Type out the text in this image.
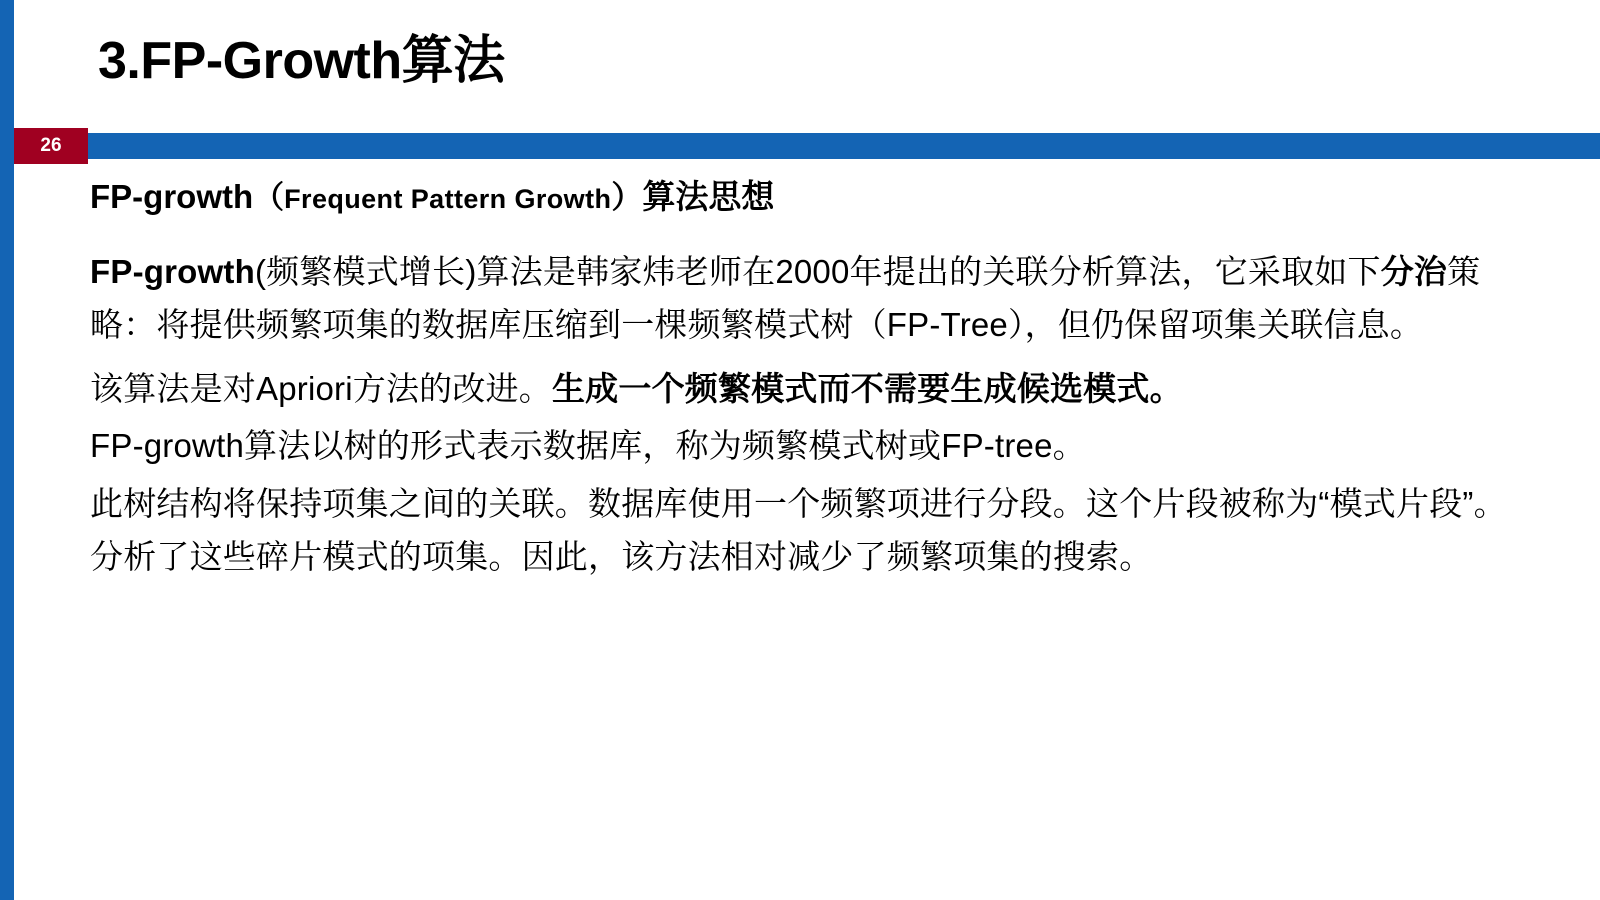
3.FP-Growth算法
26
FP-growth（Frequent Pattern Growth）算法思想

FP-growth(频繁模式增长)算法是韩家炜老师在2000年提出的关联分析算法，它采取如下分治策略：将提供频繁项集的数据库压缩到一棵频繁模式树（FP-Tree），但仍保留项集关联信息。

该算法是对Apriori方法的改进。生成一个频繁模式而不需要生成候选模式。

FP-growth算法以树的形式表示数据库，称为频繁模式树或FP-tree。

此树结构将保持项集之间的关联。数据库使用一个频繁项进行分段。这个片段被称为“模式片段”。分析了这些碎片模式的项集。因此，该方法相对减少了频繁项集的搜索。
